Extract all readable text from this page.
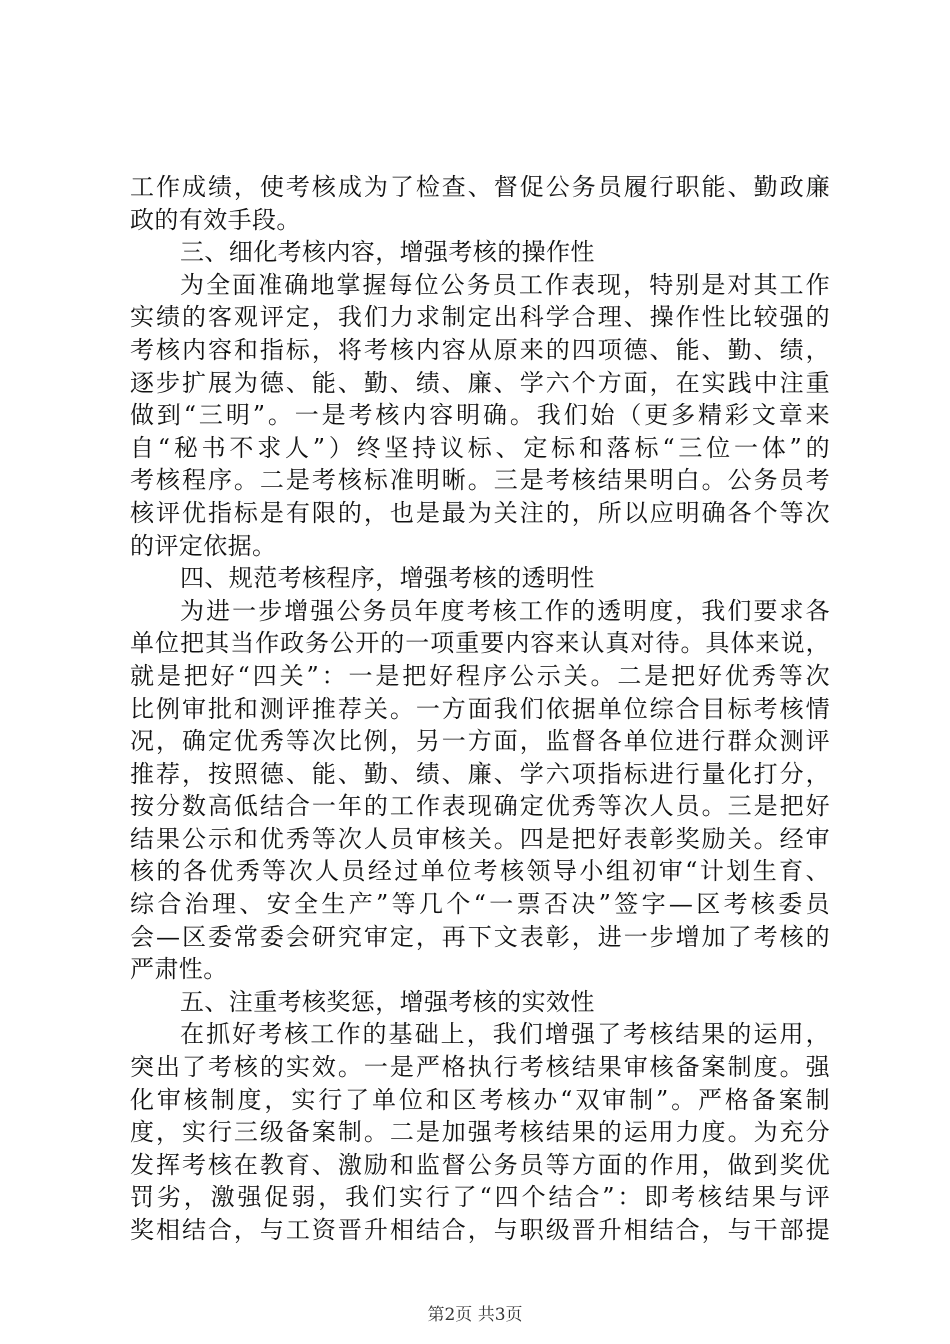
工作成绩，使考核成为了检查、督促公务员履行职能、勤政廉
政的有效手段。
三、细化考核内容，增强考核的操作性
为全面准确地掌握每位公务员工作表现，特别是对其工作
实绩的客观评定，我们力求制定出科学合理、操作性比较强的
考核内容和指标，将考核内容从原来的四项德、能、勤、绩，
逐步扩展为德、能、勤、绩、廉、学六个方面，在实践中注重
做到“三明”。一是考核内容明确。我们始（更多精彩文章来
自“秘书不求人”）终坚持议标、定标和落标“三位一体”的
考核程序。二是考核标准明晰。三是考核结果明白。公务员考
核评优指标是有限的，也是最为关注的，所以应明确各个等次
的评定依据。
四、规范考核程序，增强考核的透明性
为进一步增强公务员年度考核工作的透明度，我们要求各
单位把其当作政务公开的一项重要内容来认真对待。具体来说，
就是把好“四关”：一是把好程序公示关。二是把好优秀等次
比例审批和测评推荐关。一方面我们依据单位综合目标考核情
况，确定优秀等次比例，另一方面，监督各单位进行群众测评
推荐，按照德、能、勤、绩、廉、学六项指标进行量化打分，
按分数高低结合一年的工作表现确定优秀等次人员。三是把好
结果公示和优秀等次人员审核关。四是把好表彰奖励关。经审
核的各优秀等次人员经过单位考核领导小组初审“计划生育、
综合治理、安全生产”等几个“一票否决”签字—区考核委员
会—区委常委会研究审定，再下文表彰，进一步增加了考核的
严肃性。
五、注重考核奖惩，增强考核的实效性
在抓好考核工作的基础上，我们增强了考核结果的运用，
突出了考核的实效。一是严格执行考核结果审核备案制度。强
化审核制度，实行了单位和区考核办“双审制”。严格备案制
度，实行三级备案制。二是加强考核结果的运用力度。为充分
发挥考核在教育、激励和监督公务员等方面的作用，做到奖优
罚劣，激强促弱，我们实行了“四个结合”：即考核结果与评
奖相结合，与工资晋升相结合，与职级晋升相结合，与干部提
第2页 共3页
